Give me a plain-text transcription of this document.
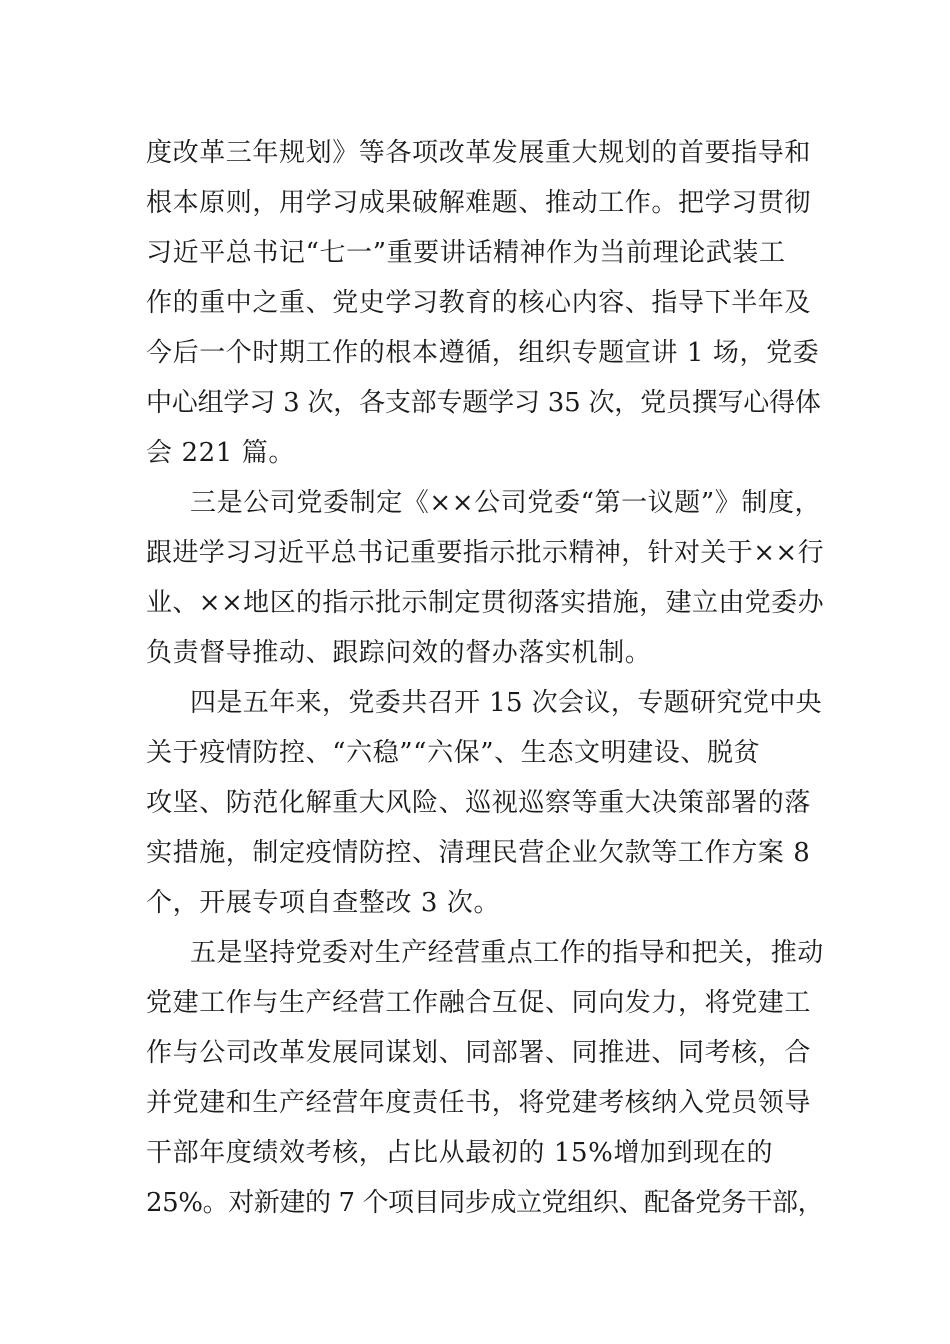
度改革三年规划》等各项改革发展重大规划的首要指导和
根本原则，用学习成果破解难题、推动工作。把学习贯彻
习近平总书记“七一”重要讲话精神作为当前理论武装工
作的重中之重、党史学习教育的核心内容、指导下半年及
今后一个时期工作的根本遵循，组织专题宣讲 1 场，党委
中心组学习 3 次，各支部专题学习 35 次，党员撰写心得体
会 221 篇。
三是公司党委制定《××公司党委“第一议题”》制度，
跟进学习习近平总书记重要指示批示精神，针对关于××行
业、××地区的指示批示制定贯彻落实措施，建立由党委办
负责督导推动、跟踪问效的督办落实机制。
四是五年来，党委共召开 15 次会议，专题研究党中央
关于疫情防控、“六稳”“六保”、生态文明建设、脱贫
攻坚、防范化解重大风险、巡视巡察等重大决策部署的落
实措施，制定疫情防控、清理民营企业欠款等工作方案 8
个，开展专项自查整改 3 次。
五是坚持党委对生产经营重点工作的指导和把关，推动
党建工作与生产经营工作融合互促、同向发力，将党建工
作与公司改革发展同谋划、同部署、同推进、同考核，合
并党建和生产经营年度责任书，将党建考核纳入党员领导
干部年度绩效考核，占比从最初的 15%增加到现在的
25%。对新建的 7 个项目同步成立党组织、配备党务干部，
